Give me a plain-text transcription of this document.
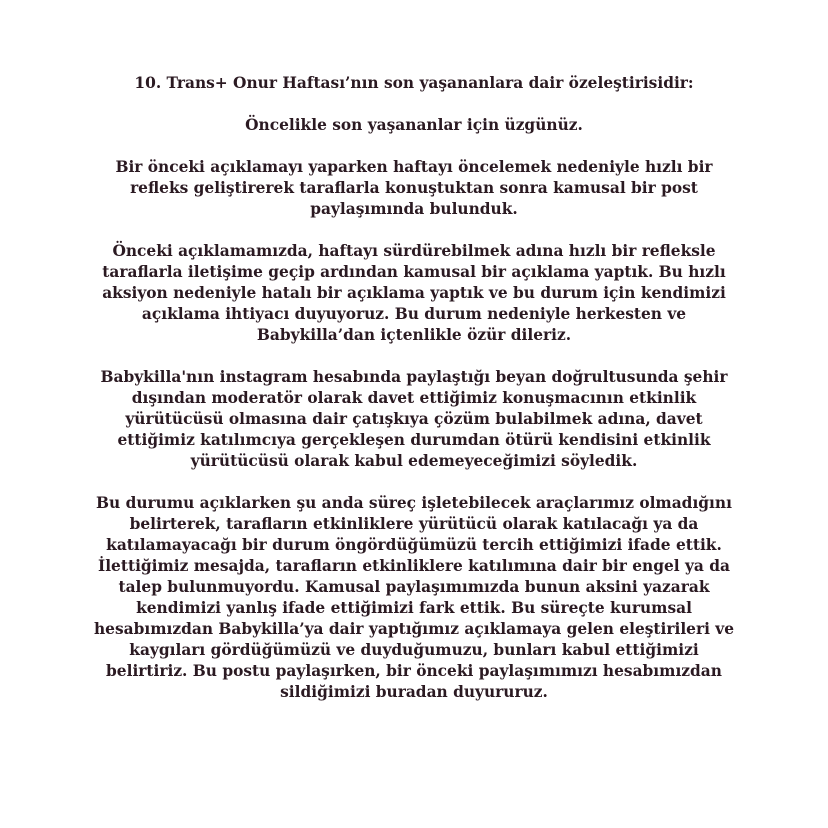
10. Trans+ Onur Haftası’nın son yaşananlara dair özeleştirisidir:

Öncelikle son yaşananlar için üzgünüz.

Bir önceki açıklamayı yaparken haftayı öncelemek nedeniyle hızlı bir
refleks geliştirerek taraflarla konuştuktan sonra kamusal bir post
paylaşımında bulunduk.

Önceki açıklamamızda, haftayı sürdürebilmek adına hızlı bir refleksle
taraflarla iletişime geçip ardından kamusal bir açıklama yaptık. Bu hızlı
aksiyon nedeniyle hatalı bir açıklama yaptık ve bu durum için kendimizi
açıklama ihtiyacı duyuyoruz. Bu durum nedeniyle herkesten ve
Babykilla’dan içtenlikle özür dileriz.

Babykilla'nın instagram hesabında paylaştığı beyan doğrultusunda şehir
dışından moderatör olarak davet ettiğimiz konuşmacının etkinlik
yürütücüsü olmasına dair çatışkıya çözüm bulabilmek adına, davet
ettiğimiz katılımcıya gerçekleşen durumdan ötürü kendisini etkinlik
yürütücüsü olarak kabul edemeyeceğimizi söyledik.

Bu durumu açıklarken şu anda süreç işletebilecek araçlarımız olmadığını
belirterek, tarafların etkinliklere yürütücü olarak katılacağı ya da
katılamayacağı bir durum öngördüğümüzü tercih ettiğimizi ifade ettik.
İlettiğimiz mesajda, tarafların etkinliklere katılımına dair bir engel ya da
talep bulunmuyordu. Kamusal paylaşımımızda bunun aksini yazarak
kendimizi yanlış ifade ettiğimizi fark ettik. Bu süreçte kurumsal
hesabımızdan Babykilla’ya dair yaptığımız açıklamaya gelen eleştirileri ve
kaygıları gördüğümüzü ve duyduğumuzu, bunları kabul ettiğimizi
belirtiriz. Bu postu paylaşırken, bir önceki paylaşımımızı hesabımızdan
sildiğimizi buradan duyururuz.
